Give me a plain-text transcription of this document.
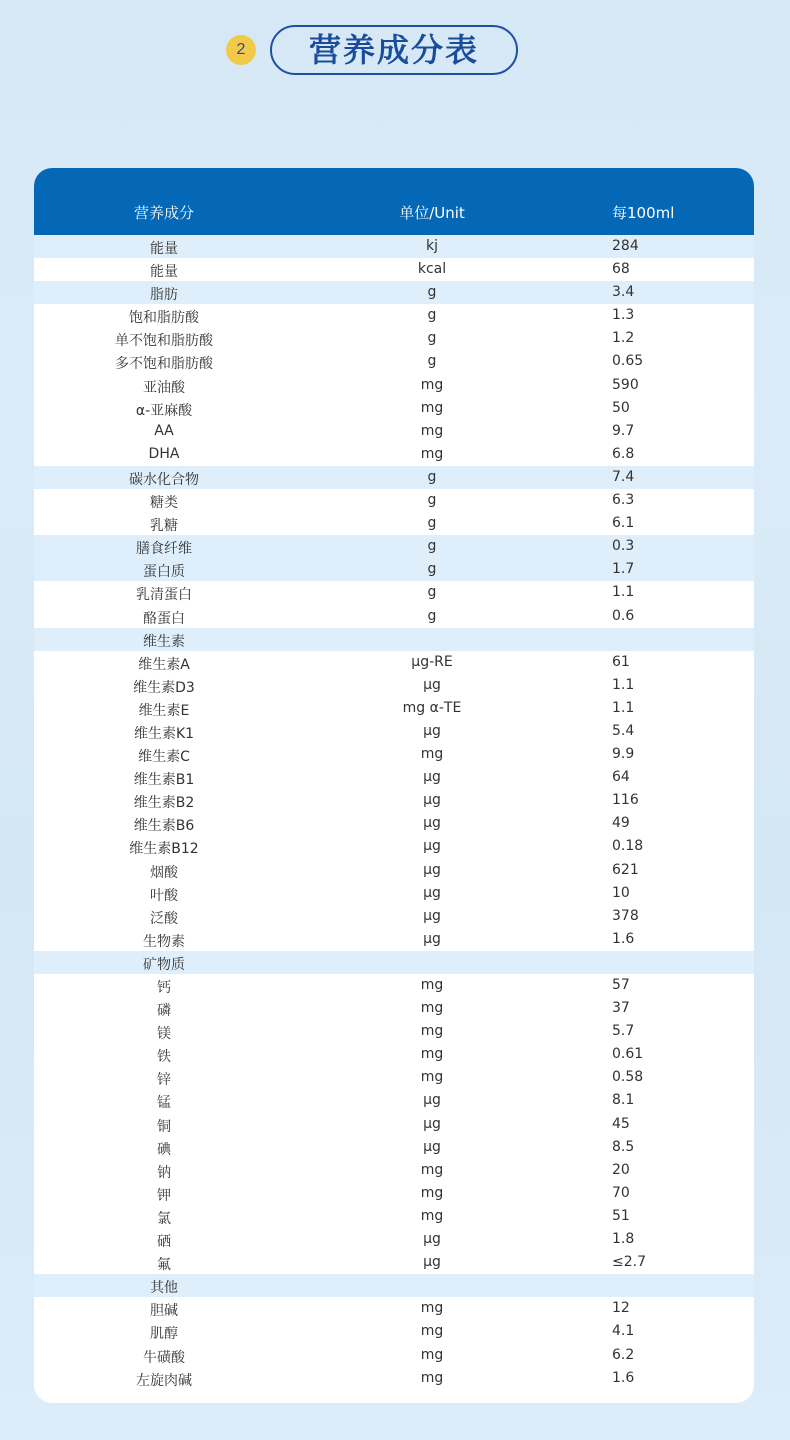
2	营养成分表
营养成分	单位/Unit	每100ml
能量	kj	284
能量	kcal	68
脂肪	g	3.4
饱和脂肪酸	g	1.3
单不饱和脂肪酸	g	1.2
多不饱和脂肪酸	g	0.65
亚油酸	mg	590
α-亚麻酸	mg	50
AA	mg	9.7
DHA	mg	6.8
碳水化合物	g	7.4
糖类	g	6.3
乳糖	g	6.1
膳食纤维	g	0.3
蛋白质	g	1.7
乳清蛋白	g	1.1
酪蛋白	g	0.6
维生素
维生素A	μg-RE	61
维生素D3	μg	1.1
维生素E	mg α-TE	1.1
维生素K1	μg	5.4
维生素C	mg	9.9
维生素B1	μg	64
维生素B2	μg	116
维生素B6	μg	49
维生素B12	μg	0.18
烟酸	μg	621
叶酸	μg	10
泛酸	μg	378
生物素	μg	1.6
矿物质
钙	mg	57
磷	mg	37
镁	mg	5.7
铁	mg	0.61
锌	mg	0.58
锰	μg	8.1
铜	μg	45
碘	μg	8.5
钠	mg	20
钾	mg	70
氯	mg	51
硒	μg	1.8
氟	μg	≤2.7
其他
胆碱	mg	12
肌醇	mg	4.1
牛磺酸	mg	6.2
左旋肉碱	mg	1.6
